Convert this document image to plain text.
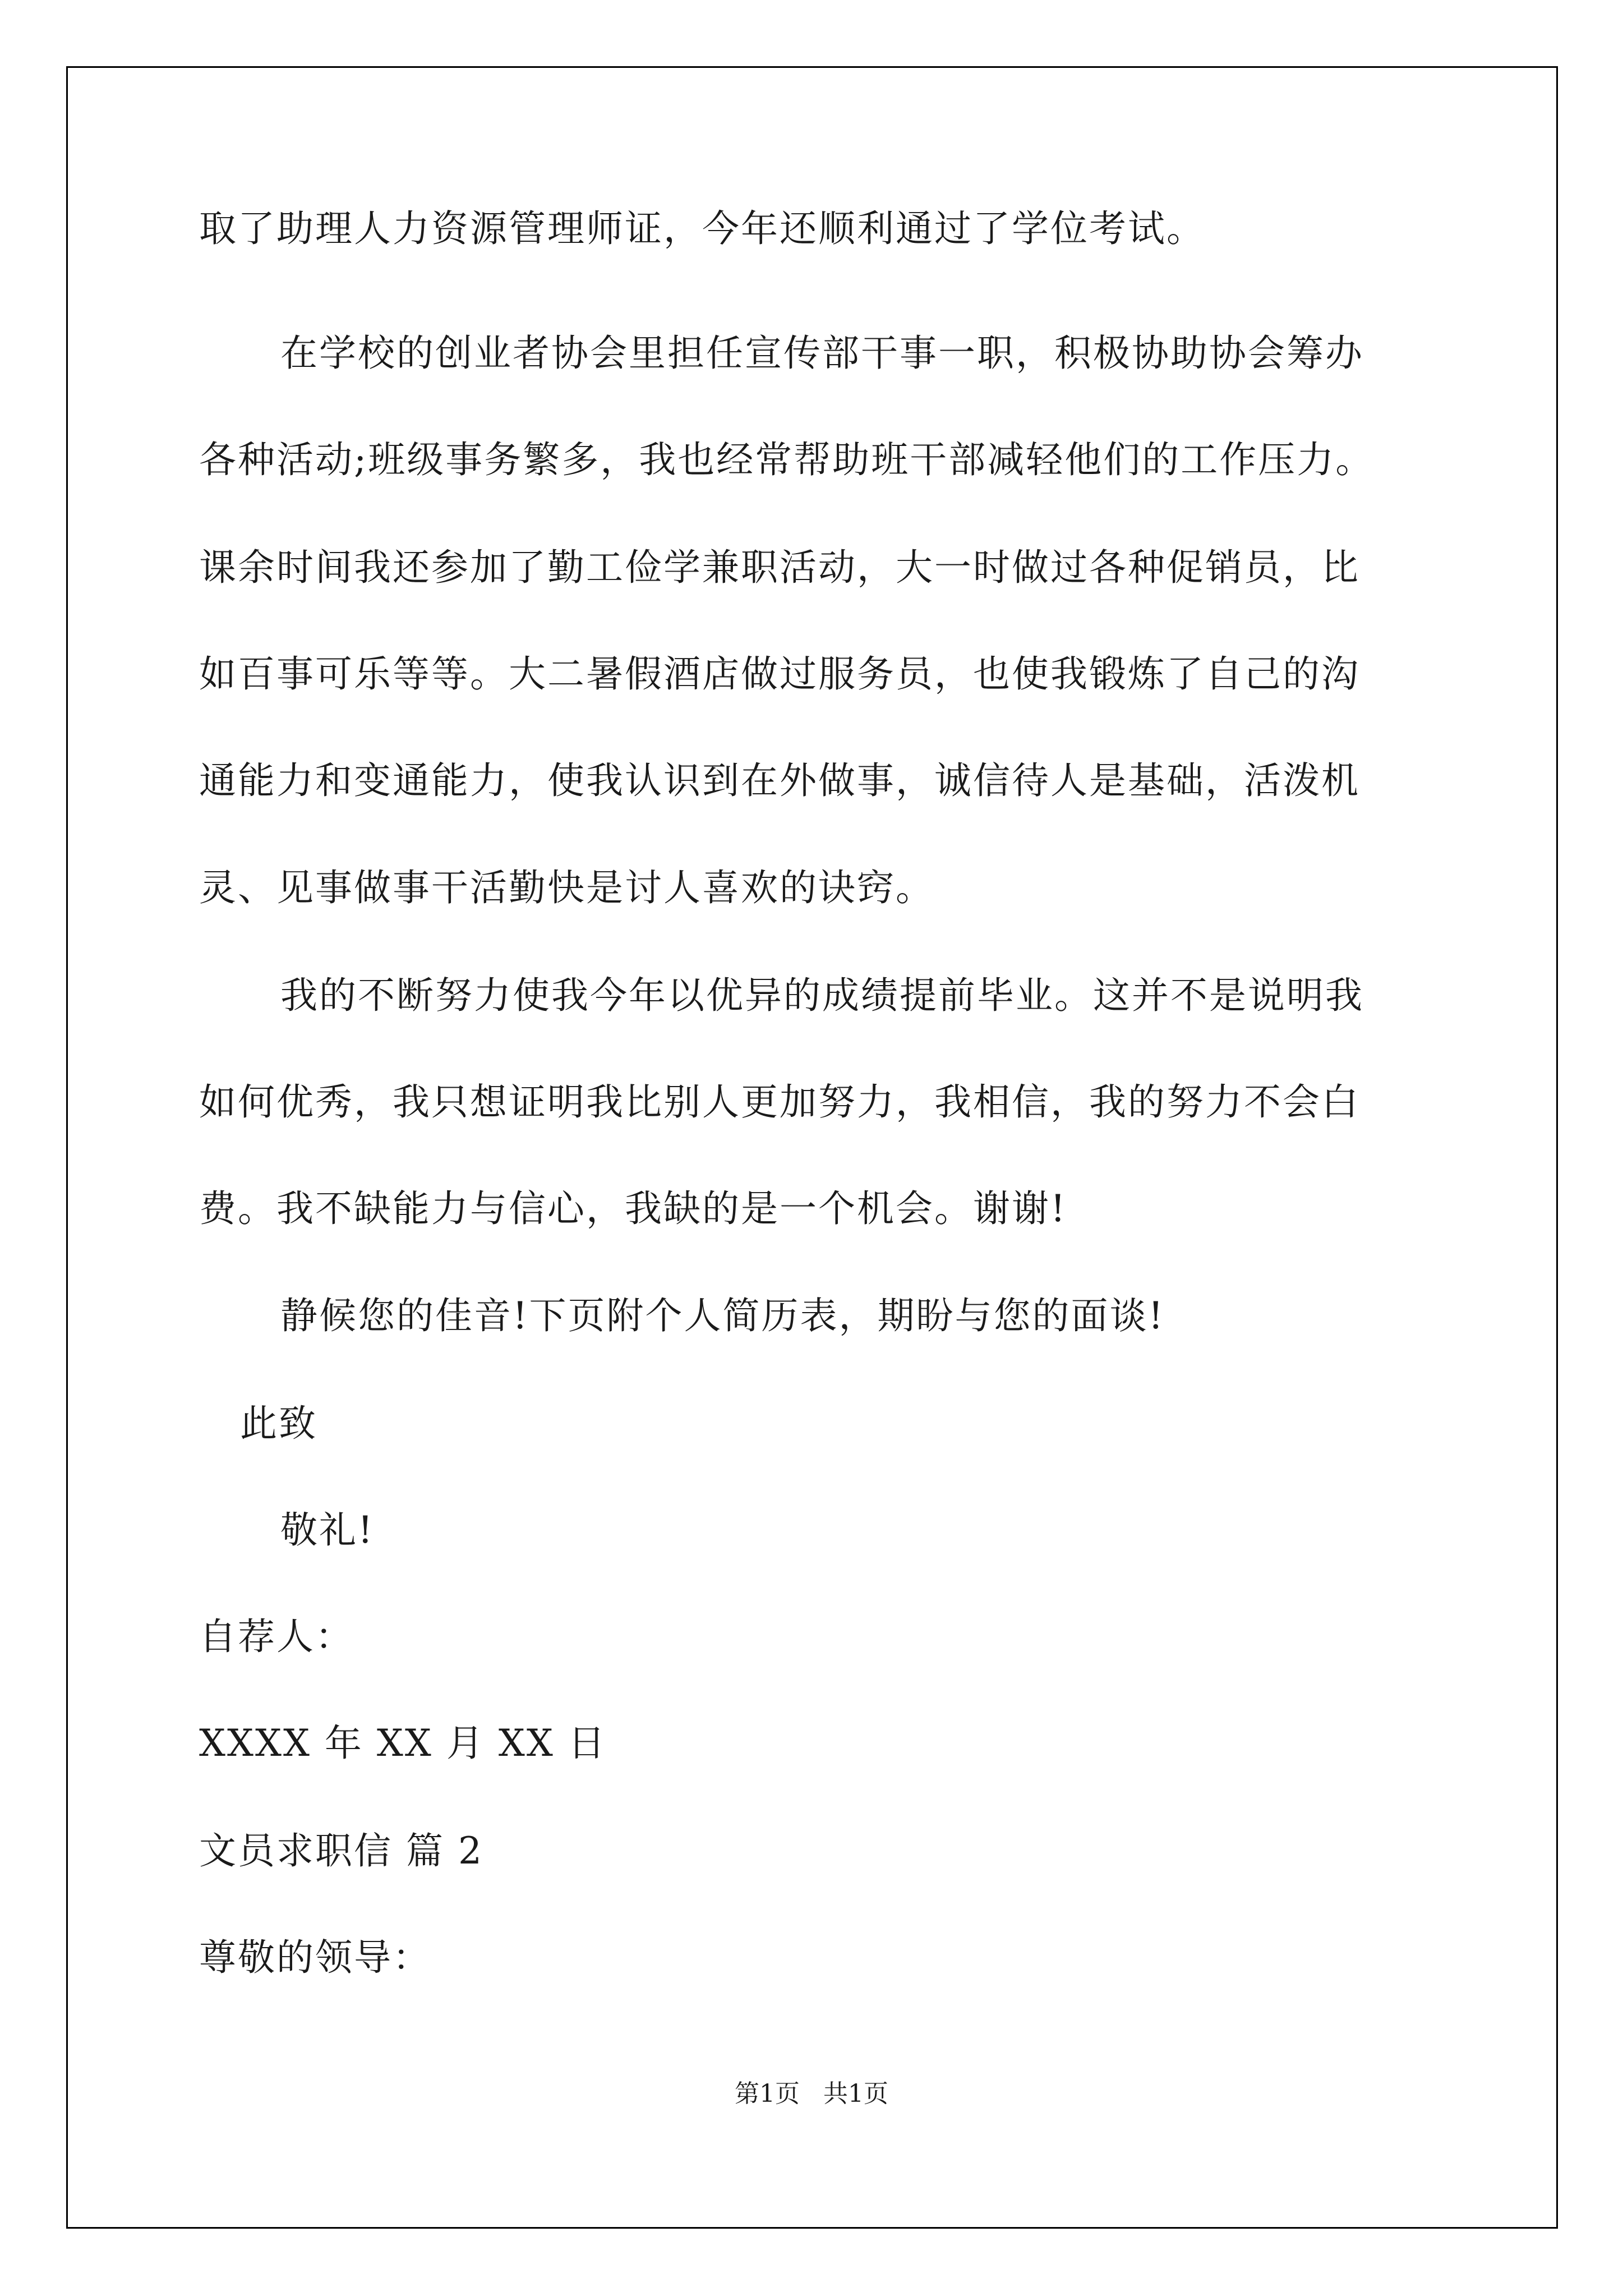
取了助理人力资源管理师证，今年还顺利通过了学位考试。
在学校的创业者协会里担任宣传部干事一职，积极协助协会筹办
各种活动;班级事务繁多，我也经常帮助班干部减轻他们的工作压力。
课余时间我还参加了勤工俭学兼职活动，大一时做过各种促销员，比
如百事可乐等等。大二暑假酒店做过服务员，也使我锻炼了自己的沟
通能力和变通能力，使我认识到在外做事，诚信待人是基础，活泼机
灵、见事做事干活勤快是讨人喜欢的诀窍。
我的不断努力使我今年以优异的成绩提前毕业。这并不是说明我
如何优秀，我只想证明我比别人更加努力，我相信，我的努力不会白
费。我不缺能力与信心，我缺的是一个机会。谢谢!
静候您的佳音!下页附个人简历表，期盼与您的面谈!
此致
敬礼!
自荐人：
XXXX 年 XX 月 XX 日
文员求职信 篇 2
尊敬的领导：
第1页   共1页
